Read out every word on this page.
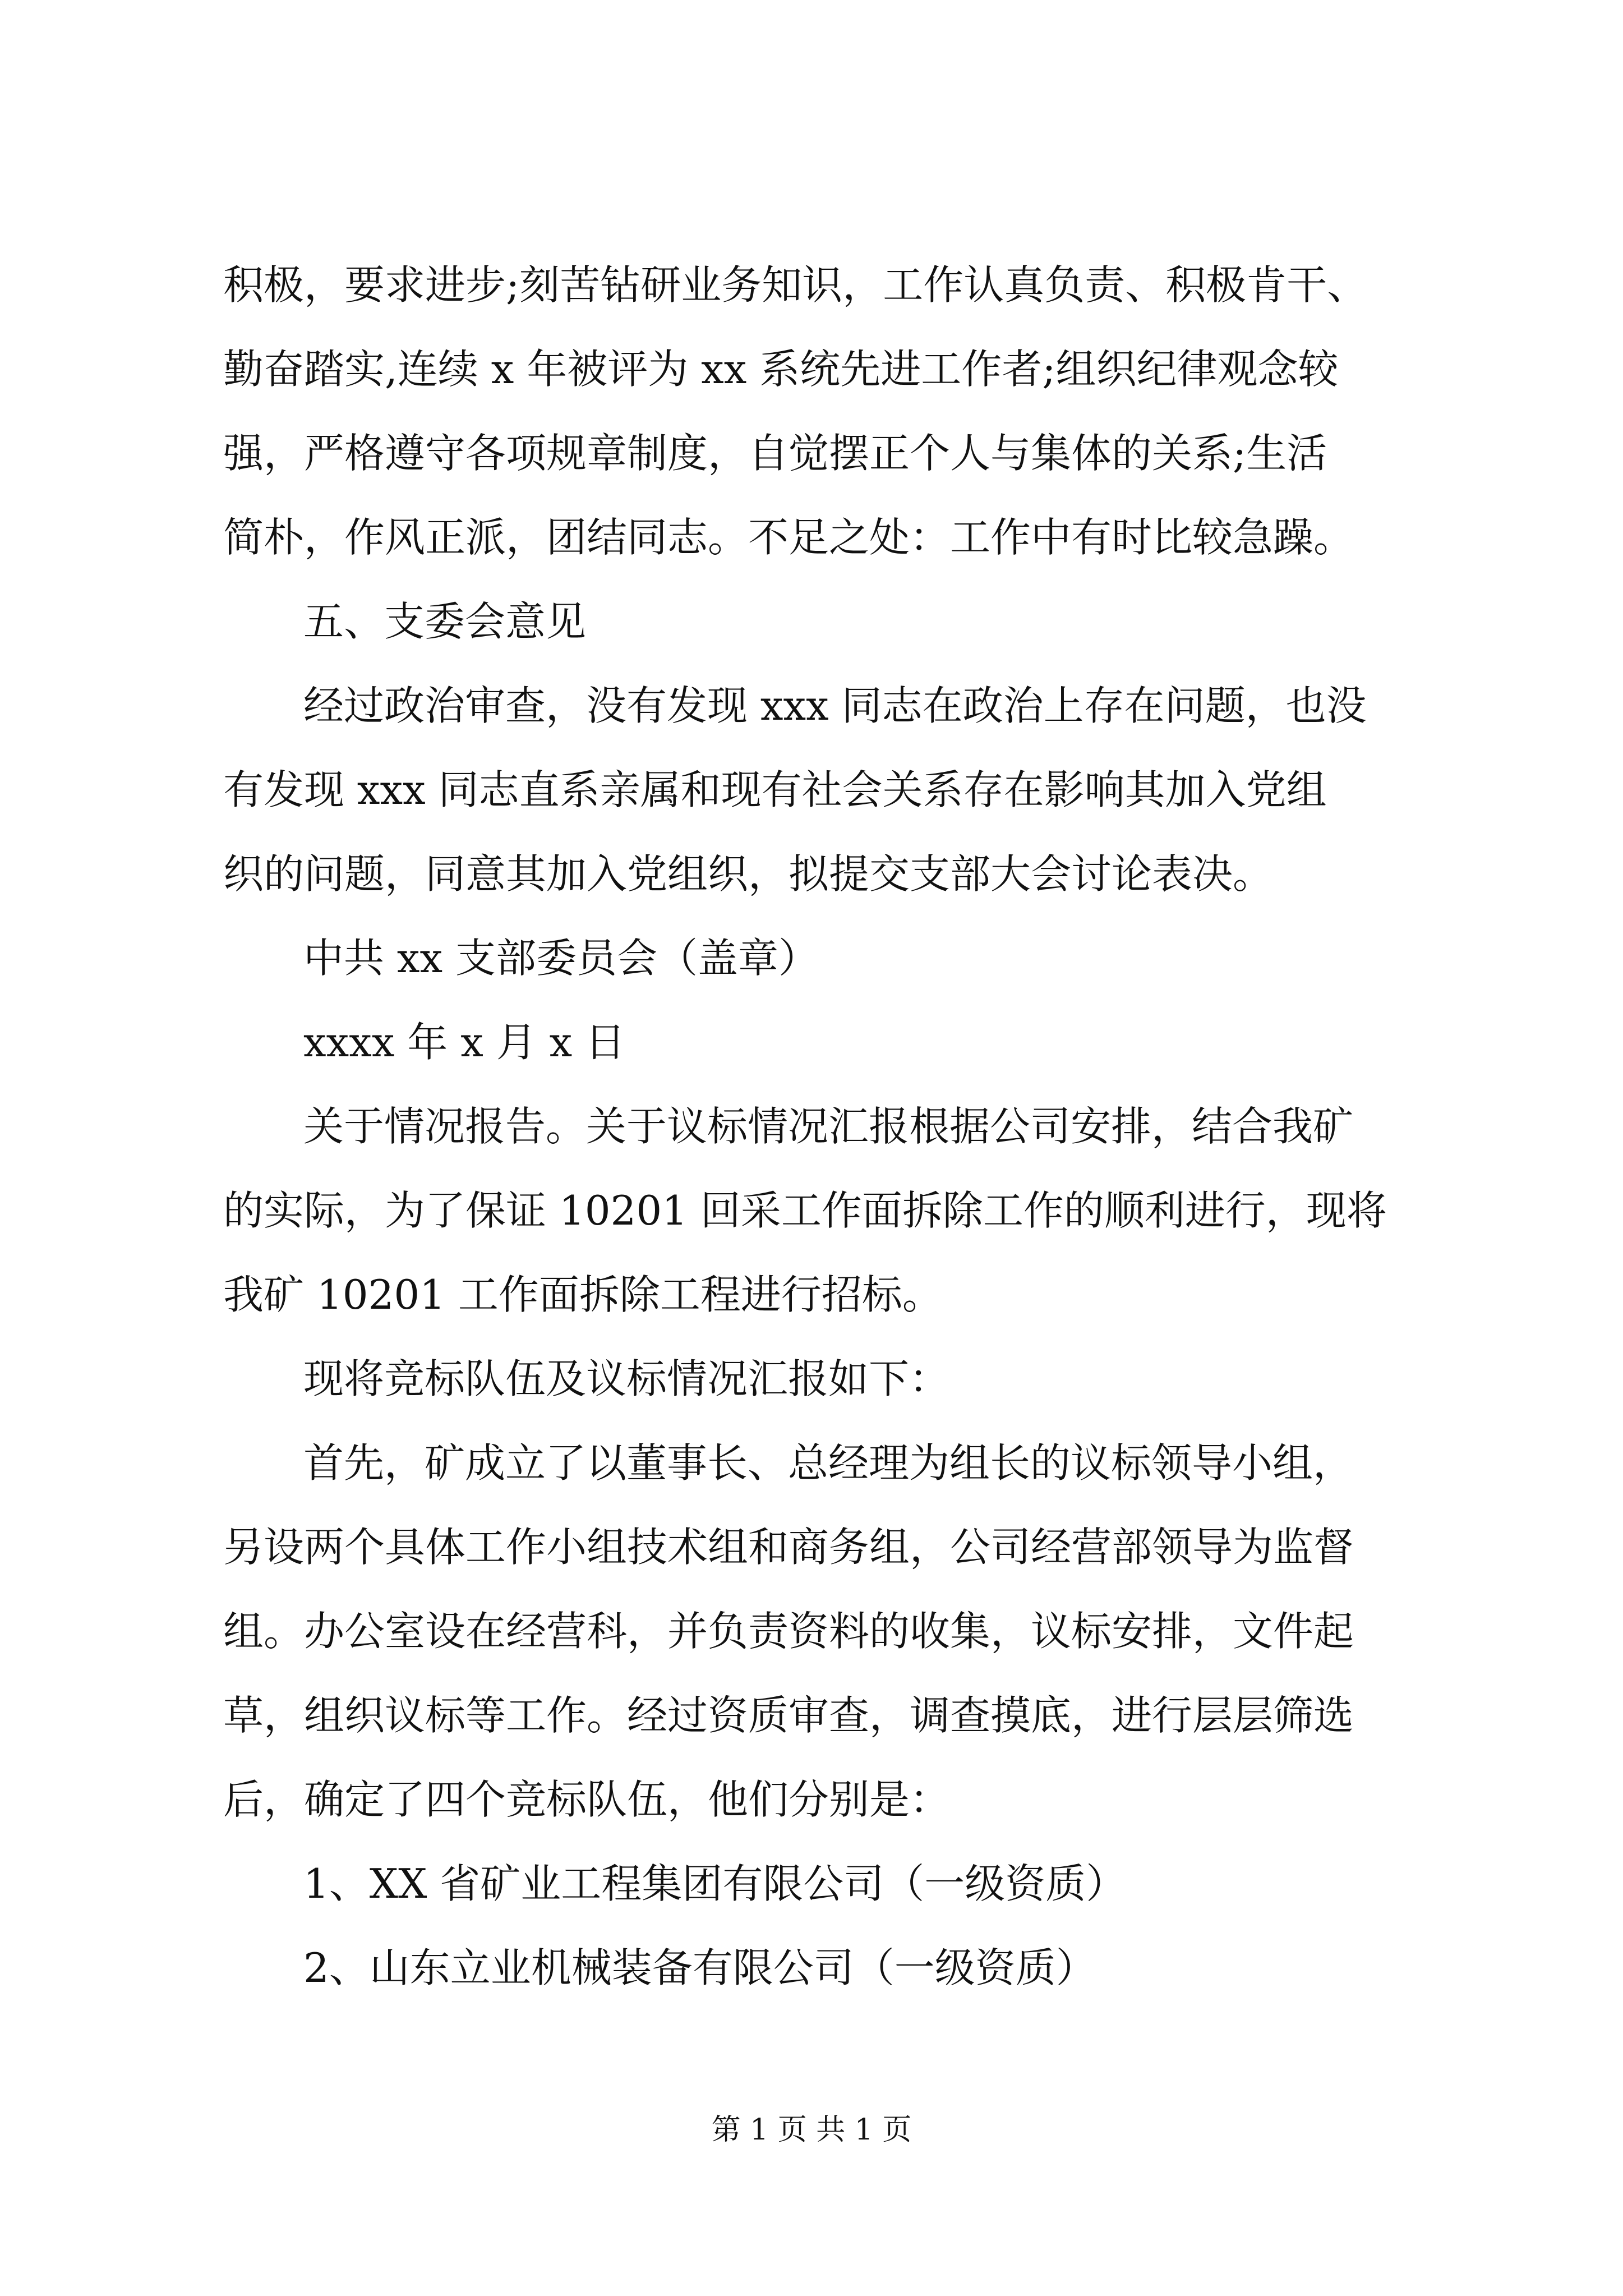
积极，要求进步;刻苦钻研业务知识，工作认真负责、积极肯干、
勤奋踏实,连续 x 年被评为 xx 系统先进工作者;组织纪律观念较
强，严格遵守各项规章制度，自觉摆正个人与集体的关系;生活
简朴，作风正派，团结同志。不足之处：工作中有时比较急躁。
五、支委会意见
经过政治审查，没有发现 xxx 同志在政治上存在问题，也没
有发现 xxx 同志直系亲属和现有社会关系存在影响其加入党组
织的问题，同意其加入党组织，拟提交支部大会讨论表决。
中共 xx 支部委员会（盖章）
xxxx 年 x 月 x 日
关于情况报告。关于议标情况汇报根据公司安排，结合我矿
的实际，为了保证 10201 回采工作面拆除工作的顺利进行，现将
我矿 10201 工作面拆除工程进行招标。
现将竞标队伍及议标情况汇报如下：
首先，矿成立了以董事长、总经理为组长的议标领导小组，
另设两个具体工作小组技术组和商务组，公司经营部领导为监督
组。办公室设在经营科，并负责资料的收集，议标安排，文件起
草，组织议标等工作。经过资质审查，调查摸底，进行层层筛选
后，确定了四个竞标队伍，他们分别是：
1、XX 省矿业工程集团有限公司（一级资质）
2、山东立业机械装备有限公司（一级资质）
第 1 页 共 1 页
